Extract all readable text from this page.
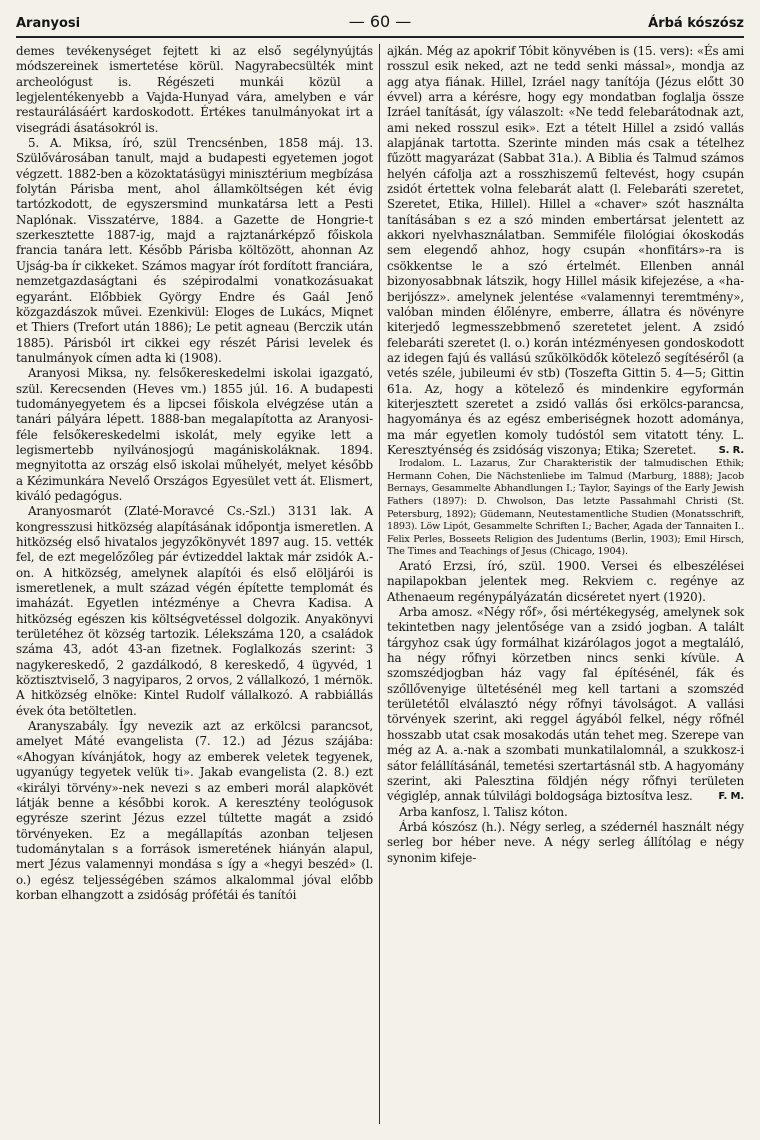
Aranyosi	— 60 —	Árbá kószósz

demes tevékenységet fejtett ki az első segélynyújtás módszereinek ismertetése körül. Nagyrabecsülték mint archeológust is. Régészeti munkái közül a legjelentékenyebb a Vajda-Hunyad vára, amelyben e vár restaurálásáért kardoskodott. Értékes tanulmányokat irt a visegrádi ásatásokról is.

5. A. Miksa, író, szül Trencsénben, 1858 máj. 13. Szülővárosában tanult, majd a budapesti egyetemen jogot végzett. 1882-ben a közoktatásügyi minisztérium megbízása folytán Párisba ment, ahol államköltségen két évig tartózkodott, de egyszersmind munkatársa lett a Pesti Naplónak. Visszatérve, 1884. a Gazette de Hongrie-t szerkesztette 1887-ig, majd a rajztanárképző főiskola francia tanára lett. Később Párisba költözött, ahonnan Az Ujság-ba ír cikkeket. Számos magyar írót fordított franciára, nemzetgazdaságtani és szépirodalmi vonatkozásuakat egyaránt. Előbbiek György Endre és Gaál Jenő közgazdászok művei. Ezenkivül: Eloges de Lukács, Miqnet et Thiers (Trefort után 1886); Le petit agneau (Berczik után 1885). Párisból irt cikkei egy részét Párisi levelek és tanulmányok címen adta ki (1908).

Aranyosi Miksa, ny. felsőkereskedelmi iskolai igazgató, szül. Kerecsenden (Heves vm.) 1855 júl. 16. A budapesti tudományegyetem és a lipcsei főiskola elvégzése után a tanári pályára lépett. 1888-ban megalapította az Aranyosi-féle felsőkereskedelmi iskolát, mely egyike lett a legismertebb nyilvánosjogú magániskoláknak. 1894. megnyitotta az ország első iskolai műhelyét, melyet később a Kézimunkára Nevelő Országos Egyesület vett át. Elismert, kiváló pedagógus.

Aranyosmarót (Zlaté-Moravcé Cs.-Szl.) 3131 lak. A kongresszusi hitközség alapításának időpontja ismeretlen. A hitközség első hivatalos jegyzőkönyvét 1897 aug. 15. vették fel, de ezt megelőzőleg pár évtizeddel laktak már zsidók A.-on. A hitközség, amelynek alapítói és első elöljárói is ismeretlenek, a mult század végén építette templomát és imaházát. Egyetlen intézménye a Chevra Kadisa. A hitközség egészen kis költségvetéssel dolgozik. Anyakönyvi területéhez öt község tartozik. Lélekszáma 120, a családok száma 43, adót 43-an fizetnek. Foglalkozás szerint: 3 nagykereskedő, 2 gazdálkodó, 8 kereskedő, 4 ügyvéd, 1 köztisztviselő, 3 nagyiparos, 2 orvos, 2 vállalkozó, 1 mérnök. A hitközség elnöke: Kintel Rudolf vállalkozó. A rabbiállás évek óta betöltetlen.

Aranyszabály. Így nevezik azt az erkölcsi parancsot, amelyet Máté evangelista (7. 12.) ad Jézus szájába: «Ahogyan kívánjátok, hogy az emberek veletek tegyenek, ugyanúgy tegyetek velük ti». Jakab evangelista (2. 8.) ezt «királyi törvény»-nek nevezi s az emberi morál alapkövét látják benne a későbbi korok. A keresztény teológusok egyrésze szerint Jézus ezzel túltette magát a zsidó törvényeken. Ez a megállapítás azonban teljesen tudománytalan s a források ismeretének hiányán alapul, mert Jézus valamennyi mondása s így a «hegyi beszéd» (l. o.) egész teljességében számos alkalommal jóval előbb korban elhangzott a zsidóság prófétái és tanítói

ajkán. Még az apokrif Tóbit könyvében is (15. vers): «És ami rosszul esik neked, azt ne tedd senki mással», mondja az agg atya fiának. Hillel, Izráel nagy tanítója (Jézus előtt 30 évvel) arra a kérésre, hogy egy mondatban foglalja össze Izráel tanítását, így válaszolt: «Ne tedd felebarátodnak azt, ami neked rosszul esik». Ezt a tételt Hillel a zsidó vallás alapjának tartotta. Szerinte minden más csak a tételhez fűzött magyarázat (Sabbat 31a.). A Biblia és Talmud számos helyén cáfolja azt a rosszhiszemű feltevést, hogy csupán zsidót értettek volna felebarát alatt (l. Felebaráti szeretet, Szeretet, Etika, Hillel). Hillel a «chaver» szót használta tanításában s ez a szó minden embertársat jelentett az akkori nyelvhasználatban. Semmiféle filológiai ókoskodás sem elegendő ahhoz, hogy csupán «honfitárs»-ra is csökkentse le a szó értelmét. Ellenben annál bizonyosabbnak látszik, hogy Hillel másik kifejezése, a «ha-berijószz». amelynek jelentése «valamennyi teremtmény», valóban minden élőlényre, emberre, állatra és növényre kiterjedő legmesszebbmenő szeretetet jelent. A zsidó felebaráti szeretet (l. o.) korán intézményesen gondoskodott az idegen fajú és vallású szűkölködők kötelező segítéséről (a vetés széle, jubileumi év stb) (Toszefta Gittin 5. 4—5; Gittin 61a. Az, hogy a kötelező és mindenkire egyformán kiterjesztett szeretet a zsidó vallás ősi erkölcs-parancsa, hagyománya és az egész emberiségnek hozott adománya, ma már egyetlen komoly tudóstól sem vitatott tény. L. Keresztyénség és zsidóság viszonya; Etika; Szeretet. S. R.

Irodalom. L. Lazarus, Zur Charakteristik der talmudischen Ethik; Hermann Cohen, Die Nächstenliebe im Talmud (Marburg, 1888); Jacob Bernays, Gesammelte Abhandlungen I.; Taylor, Sayings of the Early Jewish Fathers (1897): D. Chwolson, Das letzte Passahmahl Christi (St. Petersburg, 1892); Güdemann, Neutestamentliche Studien (Monatsschrift, 1893). Löw Lipót, Gesammelte Schriften I.; Bacher, Agada der Tannaiten I.. Felix Perles, Bosseets Religion des Judentums (Berlin, 1903); Emil Hirsch, The Times and Teachings of Jesus (Chicago, 1904).

Arató Erzsi, író, szül. 1900. Versei és elbeszélései napilapokban jelentek meg. Rekviem c. regénye az Athenaeum regénypályázatán dicséretet nyert (1920).

Arba amosz. «Négy rőf», ősi mértékegység, amelynek sok tekintetben nagy jelentősége van a zsidó jogban. A talált tárgyhoz csak úgy formálhat kizárólagos jogot a megtaláló, ha négy rőfnyi körzetben nincs senki kívüle. A szomszédjogban ház vagy fal építésénél, fák és szőllővenyige ültetésénél meg kell tartani a szomszéd területétől elválasztó négy rőfnyi távolságot. A vallási törvények szerint, aki reggel ágyából felkel, négy rőfnél hosszabb utat csak mosakodás után tehet meg. Szerepe van még az A. a.-nak a szombati munkatilalomnál, a szukkosz-i sátor felállításánál, temetési szertartásnál stb. A hagyomány szerint, aki Palesztina földjén négy rőfnyi területen végiglép, annak túlvilági boldogsága biztosítva lesz.	F. M.

Arba kanfosz, l. Talisz kóton.

Árbá kószósz (h.). Négy serleg, a szédernél használt négy serleg bor héber neve. A négy serleg állítólag e négy synonim kifeje-
